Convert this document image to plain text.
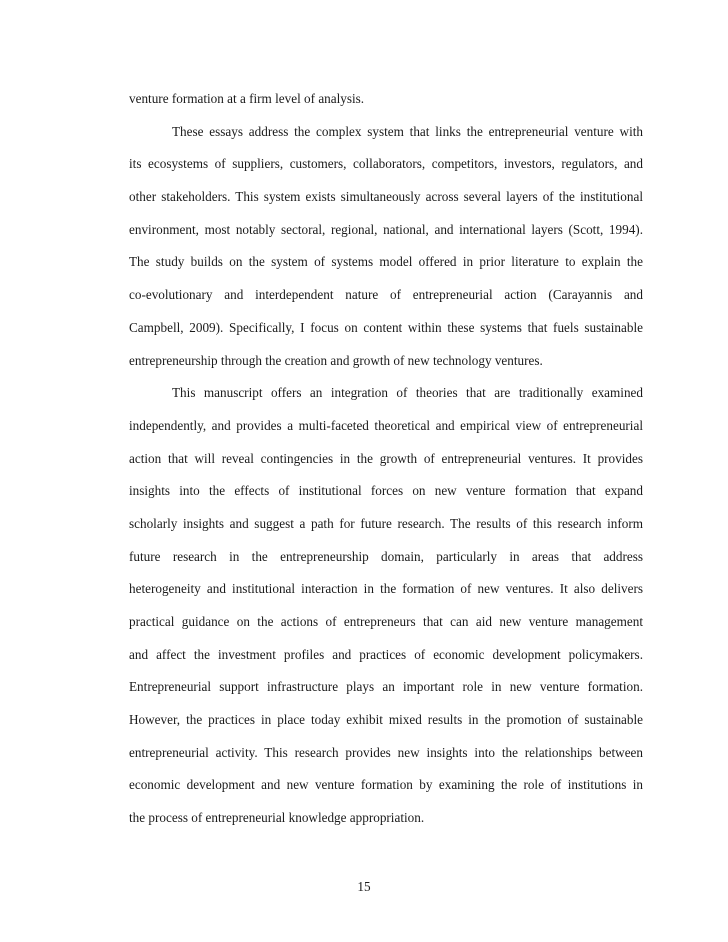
venture formation at a firm level of analysis.
These essays address the complex system that links the entrepreneurial venture with
its ecosystems of suppliers, customers, collaborators, competitors, investors, regulators, and
other stakeholders. This system exists simultaneously across several layers of the institutional
environment, most notably sectoral, regional, national, and international layers (Scott, 1994).
The study builds on the system of systems model offered in prior literature to explain the
co-evolutionary and interdependent nature of entrepreneurial action (Carayannis and
Campbell, 2009). Specifically, I focus on content within these systems that fuels sustainable
entrepreneurship through the creation and growth of new technology ventures.
This manuscript offers an integration of theories that are traditionally examined
independently, and provides a multi-faceted theoretical and empirical view of entrepreneurial
action that will reveal contingencies in the growth of entrepreneurial ventures. It provides
insights into the effects of institutional forces on new venture formation that expand
scholarly insights and suggest a path for future research. The results of this research inform
future research in the entrepreneurship domain, particularly in areas that address
heterogeneity and institutional interaction in the formation of new ventures. It also delivers
practical guidance on the actions of entrepreneurs that can aid new venture management
and affect the investment profiles and practices of economic development policymakers.
Entrepreneurial support infrastructure plays an important role in new venture formation.
However, the practices in place today exhibit mixed results in the promotion of sustainable
entrepreneurial activity. This research provides new insights into the relationships between
economic development and new venture formation by examining the role of institutions in
the process of entrepreneurial knowledge appropriation.
15
